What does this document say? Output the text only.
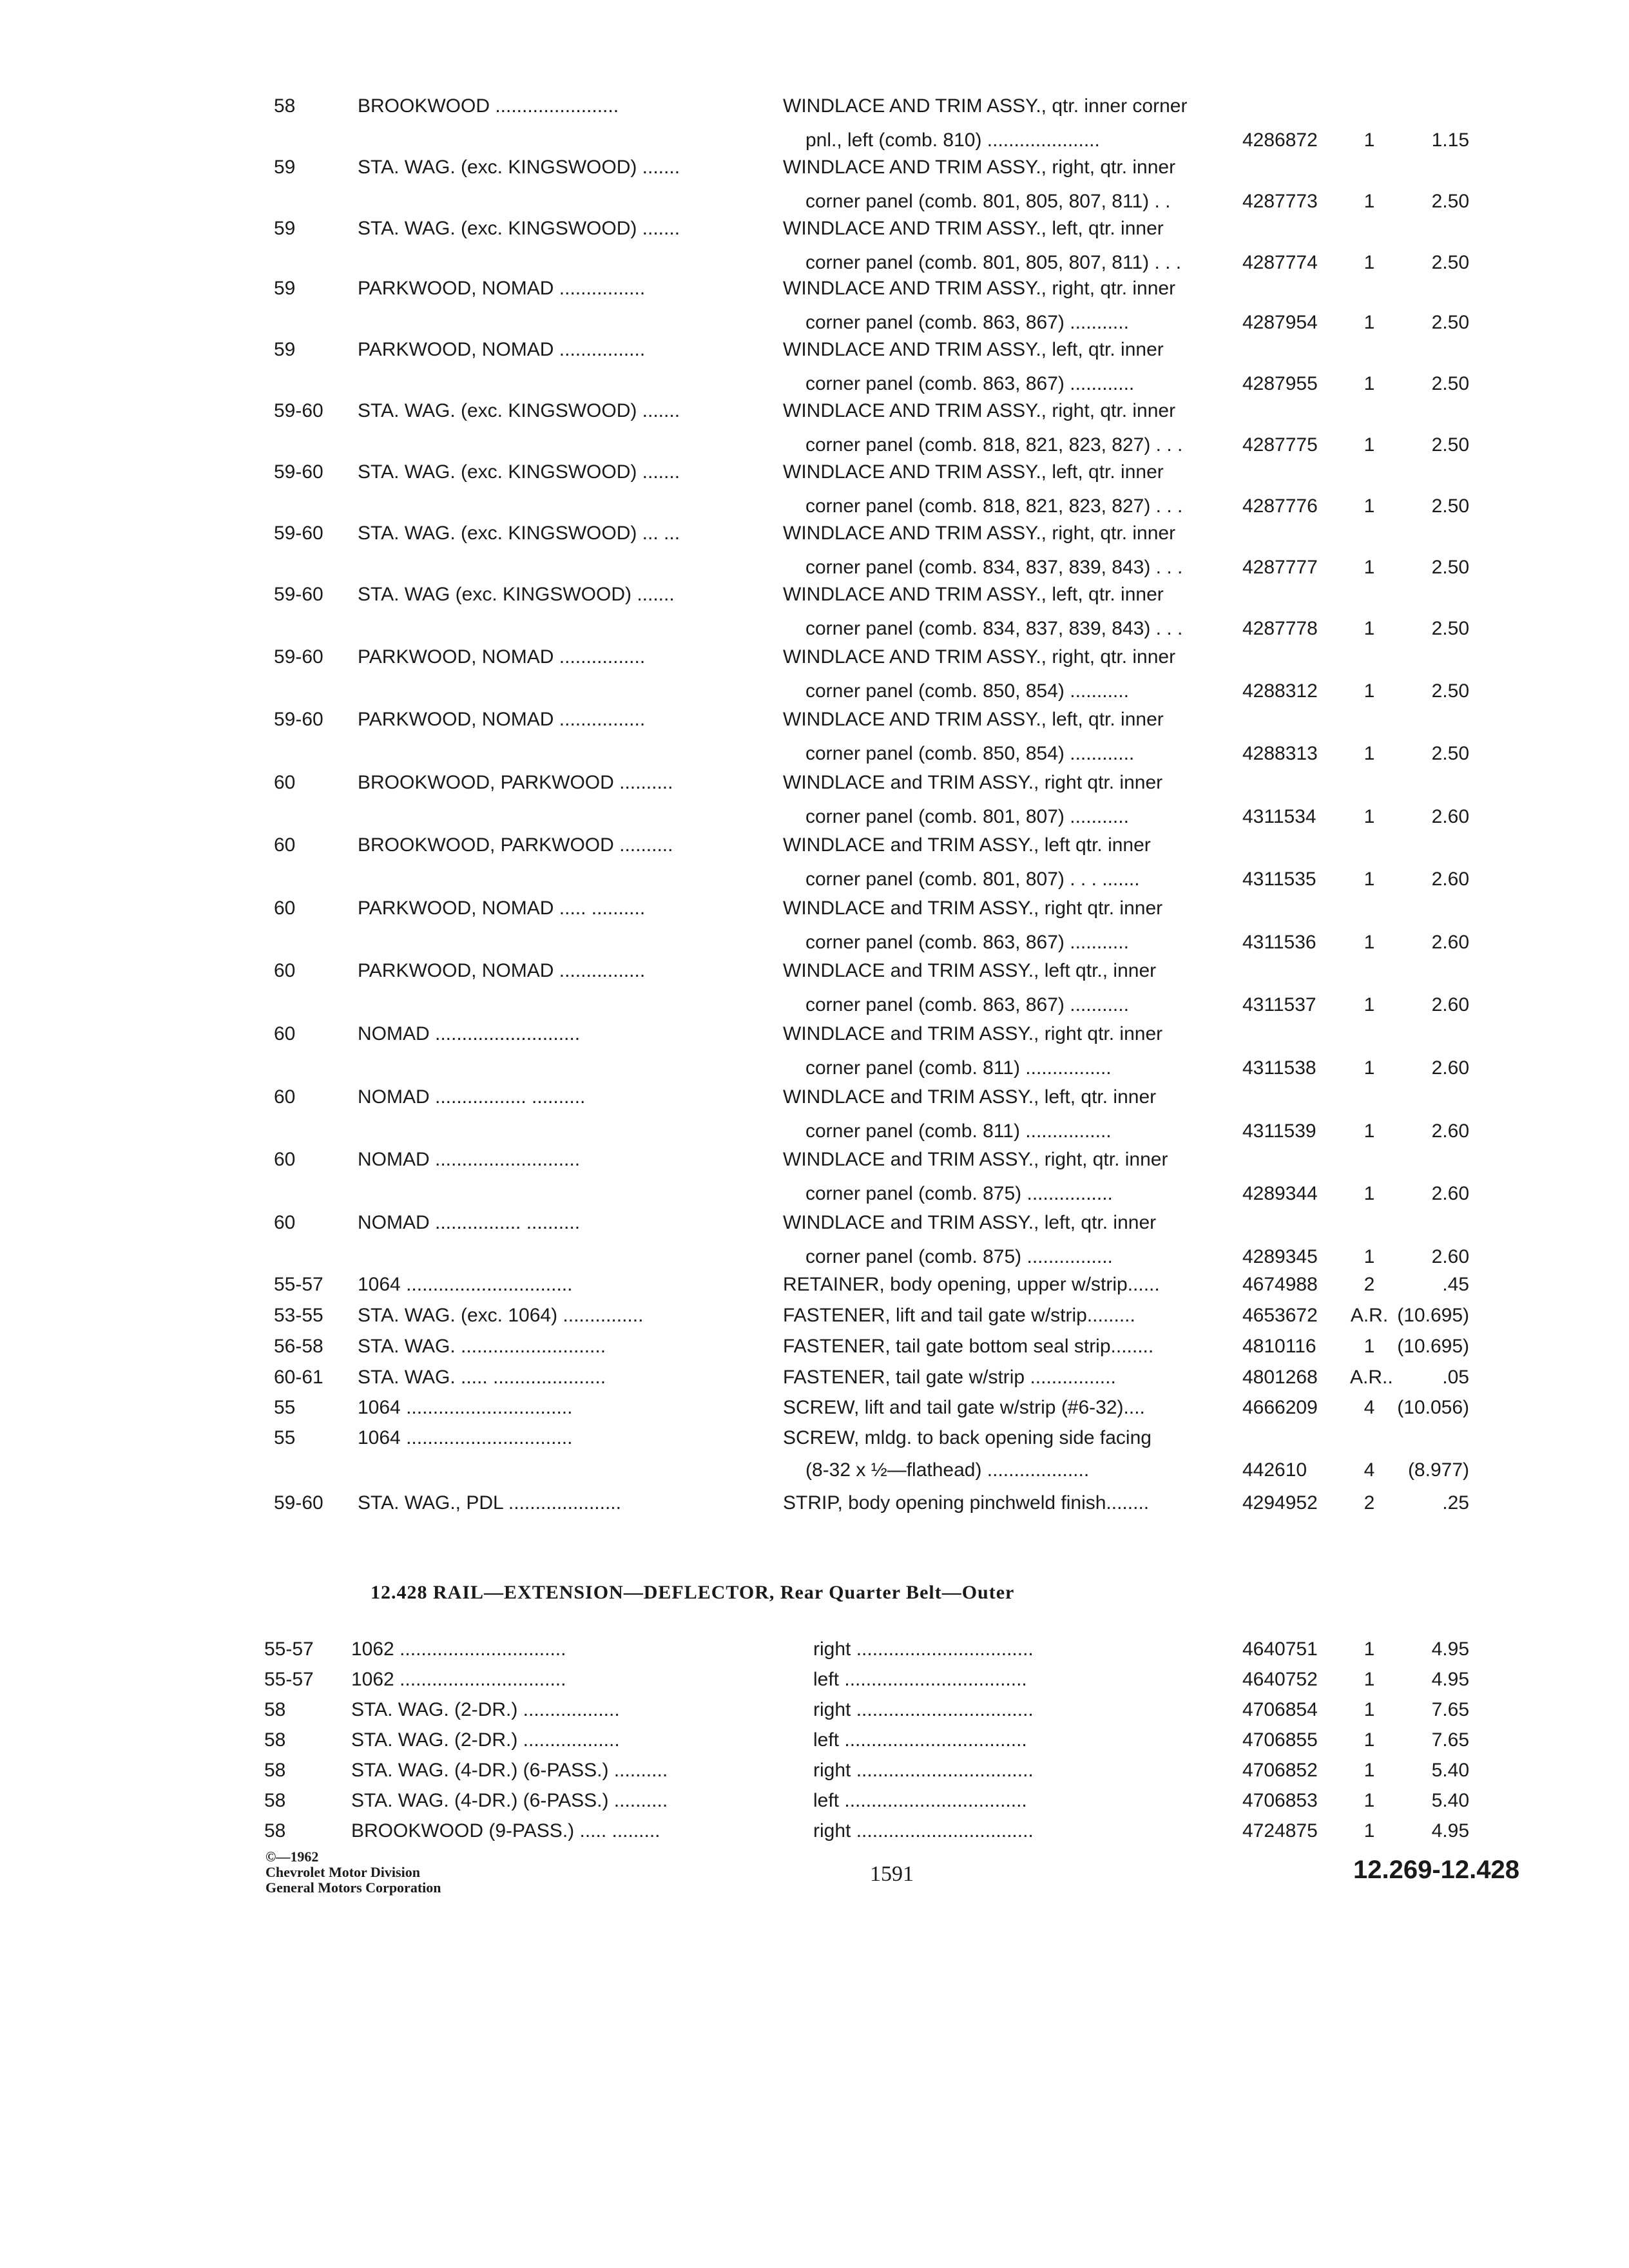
58	BROOKWOOD .......................	WINDLACE AND TRIM ASSY., qtr. inner corner
pnl., left (comb. 810) .....................	4286872	1	1.15
59	STA. WAG. (exc. KINGSWOOD) .......	WINDLACE AND TRIM ASSY., right, qtr. inner
corner panel (comb. 801, 805, 807, 811) . .	4287773	1	2.50
59	STA. WAG. (exc. KINGSWOOD) .......	WINDLACE AND TRIM ASSY., left, qtr. inner
corner panel (comb. 801, 805, 807, 811) . . .	4287774	1	2.50
59	PARKWOOD, NOMAD ................	WINDLACE AND TRIM ASSY., right, qtr. inner
corner panel (comb. 863, 867) ...........	4287954	1	2.50
59	PARKWOOD, NOMAD ................	WINDLACE AND TRIM ASSY., left, qtr. inner
corner panel (comb. 863, 867) ............	4287955	1	2.50
59-60	STA. WAG. (exc. KINGSWOOD) .......	WINDLACE AND TRIM ASSY., right, qtr. inner
corner panel (comb. 818, 821, 823, 827) . . .	4287775	1	2.50
59-60	STA. WAG. (exc. KINGSWOOD) .......	WINDLACE AND TRIM ASSY., left, qtr. inner
corner panel (comb. 818, 821, 823, 827) . . .	4287776	1	2.50
59-60	STA. WAG. (exc. KINGSWOOD) ... ...	WINDLACE AND TRIM ASSY., right, qtr. inner
corner panel (comb. 834, 837, 839, 843) . . .	4287777	1	2.50
59-60	STA. WAG (exc. KINGSWOOD) .......	WINDLACE AND TRIM ASSY., left, qtr. inner
corner panel (comb. 834, 837, 839, 843) . . .	4287778	1	2.50
59-60	PARKWOOD, NOMAD ................	WINDLACE AND TRIM ASSY., right, qtr. inner
corner panel (comb. 850, 854) ...........	4288312	1	2.50
59-60	PARKWOOD, NOMAD ................	WINDLACE AND TRIM ASSY., left, qtr. inner
corner panel (comb. 850, 854) ............	4288313	1	2.50
60	BROOKWOOD, PARKWOOD ..........	WINDLACE and TRIM ASSY., right qtr. inner
corner panel (comb. 801, 807) ...........	4311534	1	2.60
60	BROOKWOOD, PARKWOOD ..........	WINDLACE and TRIM ASSY., left qtr. inner
corner panel (comb. 801, 807) . . . .......	4311535	1	2.60
60	PARKWOOD, NOMAD ..... ..........	WINDLACE and TRIM ASSY., right qtr. inner
corner panel (comb. 863, 867) ...........	4311536	1	2.60
60	PARKWOOD, NOMAD ................	WINDLACE and TRIM ASSY., left qtr., inner
corner panel (comb. 863, 867) ...........	4311537	1	2.60
60	NOMAD ...........................	WINDLACE and TRIM ASSY., right qtr. inner
corner panel (comb. 811) ................	4311538	1	2.60
60	NOMAD ................. ..........	WINDLACE and TRIM ASSY., left, qtr. inner
corner panel (comb. 811) ................	4311539	1	2.60
60	NOMAD ...........................	WINDLACE and TRIM ASSY., right, qtr. inner
corner panel (comb. 875) ................	4289344	1	2.60
60	NOMAD ................ ..........	WINDLACE and TRIM ASSY., left, qtr. inner
corner panel (comb. 875) ................	4289345	1	2.60
55-57	1064 ...............................	RETAINER, body opening, upper w/strip......	4674988	2	.45
53-55	STA. WAG. (exc. 1064) ...............	FASTENER, lift and tail gate w/strip.........	4653672	A.R. (10.695)
56-58	STA. WAG. ...........................	FASTENER, tail gate bottom seal strip........	4810116	1	(10.695)
60-61	STA. WAG. ..... .....................	FASTENER, tail gate w/strip ................	4801268	A.R..	.05
55	1064 ...............................	SCREW, lift and tail gate w/strip (#6-32)....	4666209	4	(10.056)
55	1064 ...............................	SCREW, mldg. to back opening side facing
(8-32 x ½—flathead) ...................	442610	4	(8.977)
59-60	STA. WAG., PDL .....................	STRIP, body opening pinchweld finish........	4294952	2	.25
12.428 RAIL—EXTENSION—DEFLECTOR, Rear Quarter Belt—Outer
55-57	1062 ...............................	right .................................	4640751	1	4.95
55-57	1062 ...............................	left ..................................	4640752	1	4.95
58	STA. WAG. (2-DR.) ..................	right .................................	4706854	1	7.65
58	STA. WAG. (2-DR.) ..................	left ..................................	4706855	1	7.65
58	STA. WAG. (4-DR.) (6-PASS.) ..........	right .................................	4706852	1	5.40
58	STA. WAG. (4-DR.) (6-PASS.) ..........	left ..................................	4706853	1	5.40
58	BROOKWOOD (9-PASS.) ..... .........	right .................................	4724875	1	4.95
©—1962
Chevrolet Motor Division
General Motors Corporation
1591	12.269-12.428
